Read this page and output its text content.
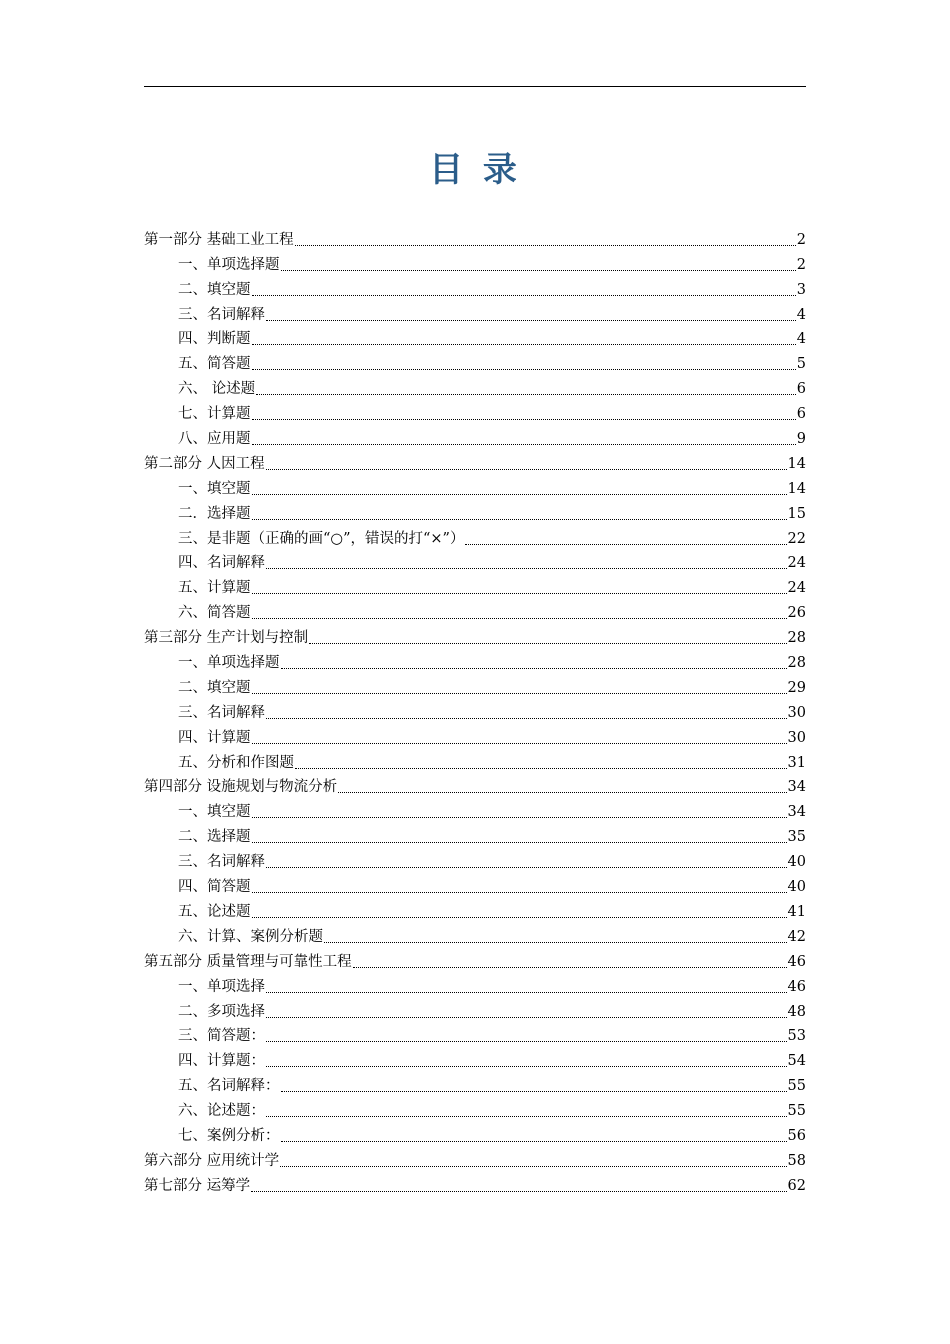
目 录
第一部分 基础工业工程	2
一、单项选择题	2
二、填空题	3
三、名词解释	4
四、判断题	4
五、简答题	5
六、 论述题	6
七、计算题	6
八、应用题	9
第二部分 人因工程	14
一、填空题	14
二．选择题	15
三、是非题（正确的画“○”，错误的打“×”）	22
四、名词解释	24
五、计算题	24
六、简答题	26
第三部分 生产计划与控制	28
一、单项选择题	28
二、填空题	29
三、名词解释	30
四、计算题	30
五、分析和作图题	31
第四部分 设施规划与物流分析	34
一、填空题	34
二、选择题	35
三、名词解释	40
四、简答题	40
五、论述题	41
六、计算、案例分析题	42
第五部分 质量管理与可靠性工程	46
一、单项选择	46
二、多项选择	48
三、简答题：	53
四、计算题：	54
五、名词解释：	55
六、论述题：	55
七、案例分析：	56
第六部分 应用统计学	58
第七部分 运筹学	62
